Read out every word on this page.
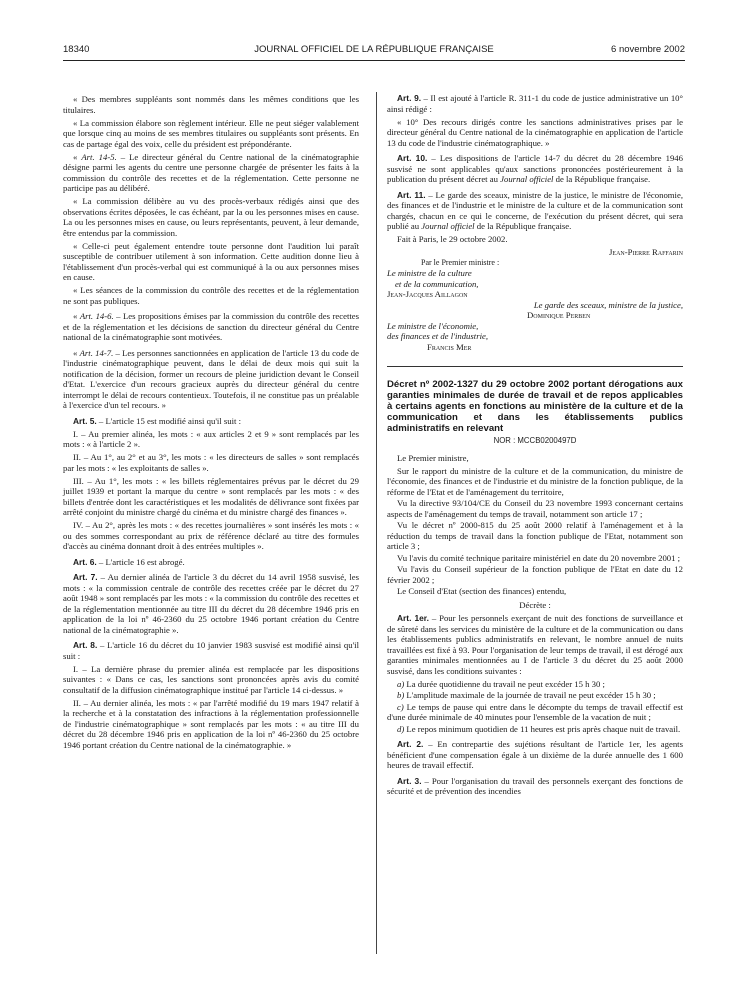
18340	JOURNAL OFFICIEL DE LA RÉPUBLIQUE FRANÇAISE	6 novembre 2002

« Des membres suppléants sont nommés dans les mêmes conditions que les titulaires.

« La commission élabore son règlement intérieur. Elle ne peut siéger valablement que lorsque cinq au moins de ses membres titulaires ou suppléants sont présents. En cas de partage égal des voix, celle du président est prépondérante.

« Art. 14-5. – Le directeur général du Centre national de la cinématographie désigne parmi les agents du centre une personne chargée de présenter les faits à la commission du contrôle des recettes et de la réglementation. Cette personne ne participe pas au délibéré.

« La commission délibère au vu des procès-verbaux rédigés ainsi que des observations écrites déposées, le cas échéant, par la ou les personnes mises en cause. La ou les personnes mises en cause, ou leurs représentants, peuvent, à leur demande, être entendus par la commission.

« Celle-ci peut également entendre toute personne dont l'audition lui paraît susceptible de contribuer utilement à son information. Cette audition donne lieu à l'établissement d'un procès-verbal qui est communiqué à la ou aux personnes mises en cause.

« Les séances de la commission du contrôle des recettes et de la réglementation ne sont pas publiques.

« Art. 14-6. – Les propositions émises par la commission du contrôle des recettes et de la réglementation et les décisions de sanction du directeur général du Centre national de la cinématographie sont motivées.

« Art. 14-7. – Les personnes sanctionnées en application de l'article 13 du code de l'industrie cinématographique peuvent, dans le délai de deux mois qui suit la notification de la décision, former un recours de pleine juridiction devant le Conseil d'Etat. L'exercice d'un recours gracieux auprès du directeur général du centre interrompt le délai de recours contentieux. Toutefois, il ne constitue pas un préalable à l'exercice d'un tel recours. »

Art. 5. – L'article 15 est modifié ainsi qu'il suit :

I. – Au premier alinéa, les mots : « aux articles 2 et 9 » sont remplacés par les mots : « à l'article 2 ».

II. – Au 1°, au 2° et au 3°, les mots : « les directeurs de salles » sont remplacés par les mots : « les exploitants de salles ».

III. – Au 1°, les mots : « les billets réglementaires prévus par le décret du 29 juillet 1939 et portant la marque du centre » sont remplacés par les mots : « des billets d'entrée dont les caractéristiques et les modalités de délivrance sont fixées par arrêté conjoint du ministre chargé du cinéma et du ministre chargé des finances ».

IV. – Au 2°, après les mots : « des recettes journalières » sont insérés les mots : « ou des sommes correspondant au prix de référence déclaré au titre des formules d'accès au cinéma donnant droit à des entrées multiples ».

Art. 6. – L'article 16 est abrogé.

Art. 7. – Au dernier alinéa de l'article 3 du décret du 14 avril 1958 susvisé, les mots : « la commission centrale de contrôle des recettes créée par le décret du 27 août 1948 » sont remplacés par les mots : « la commission du contrôle des recettes et de la réglementation mentionnée au titre III du décret du 28 décembre 1946 pris en application de la loi nº 46-2360 du 25 octobre 1946 portant création du Centre national de la cinématographie ».

Art. 8. – L'article 16 du décret du 10 janvier 1983 susvisé est modifié ainsi qu'il suit :

I. – La dernière phrase du premier alinéa est remplacée par les dispositions suivantes : « Dans ce cas, les sanctions sont prononcées après avis du comité consultatif de la diffusion cinématographique institué par l'article 14 ci-dessus. »

II. – Au dernier alinéa, les mots : « par l'arrêté modifié du 19 mars 1947 relatif à la recherche et à la constatation des infractions à la réglementation professionnelle de l'industrie cinématographique » sont remplacés par les mots : « au titre III du décret du 28 décembre 1946 pris en application de la loi nº 46-2360 du 25 octobre 1946 portant création du Centre national de la cinématographie. »

Art. 9. – Il est ajouté à l'article R. 311-1 du code de justice administrative un 10° ainsi rédigé :

« 10° Des recours dirigés contre les sanctions administratives prises par le directeur général du Centre national de la cinématographie en application de l'article 13 du code de l'industrie cinématographique. »

Art. 10. – Les dispositions de l'article 14-7 du décret du 28 décembre 1946 susvisé ne sont applicables qu'aux sanctions prononcées postérieurement à la publication du présent décret au Journal officiel de la République française.

Art. 11. – Le garde des sceaux, ministre de la justice, le ministre de l'économie, des finances et de l'industrie et le ministre de la culture et de la communication sont chargés, chacun en ce qui le concerne, de l'exécution du présent décret, qui sera publié au Journal officiel de la République française.

Fait à Paris, le 29 octobre 2002.

Jean-Pierre Raffarin

Par le Premier ministre :

Le ministre de la culture

et de la communication,

Jean-Jacques Aillagon

Le garde des sceaux, ministre de la justice,

Dominique Perben

Le ministre de l'économie,

des finances et de l'industrie,

Francis Mer

Décret nº 2002-1327 du 29 octobre 2002 portant dérogations aux garanties minimales de durée de travail et de repos applicables à certains agents en fonctions au ministère de la culture et de la communication et dans les établissements publics administratifs en relevant

NOR : MCCB0200497D

Le Premier ministre,

Sur le rapport du ministre de la culture et de la communication, du ministre de l'économie, des finances et de l'industrie et du ministre de la fonction publique, de la réforme de l'Etat et de l'aménagement du territoire,

Vu la directive 93/104/CE du Conseil du 23 novembre 1993 concernant certains aspects de l'aménagement du temps de travail, notamment son article 17 ;

Vu le décret nº 2000-815 du 25 août 2000 relatif à l'aménagement et à la réduction du temps de travail dans la fonction publique de l'Etat, notamment son article 3 ;

Vu l'avis du comité technique paritaire ministériel en date du 20 novembre 2001 ;

Vu l'avis du Conseil supérieur de la fonction publique de l'Etat en date du 12 février 2002 ;

Le Conseil d'Etat (section des finances) entendu,

Décrète :

Art. 1er. – Pour les personnels exerçant de nuit des fonctions de surveillance et de sûreté dans les services du ministère de la culture et de la communication ou dans les établissements publics administratifs en relevant, le nombre annuel de nuits travaillées est fixé à 93. Pour l'organisation de leur temps de travail, il est dérogé aux garanties minimales mentionnées au I de l'article 3 du décret du 25 août 2000 susvisé, dans les conditions suivantes :

a) La durée quotidienne du travail ne peut excéder 15 h 30 ;

b) L'amplitude maximale de la journée de travail ne peut excéder 15 h 30 ;

c) Le temps de pause qui entre dans le décompte du temps de travail effectif est d'une durée minimale de 40 minutes pour l'ensemble de la vacation de nuit ;

d) Le repos minimum quotidien de 11 heures est pris après chaque nuit de travail.

Art. 2. – En contrepartie des sujétions résultant de l'article 1er, les agents bénéficient d'une compensation égale à un dixième de la durée annuelle des 1 600 heures de travail effectif.

Art. 3. – Pour l'organisation du travail des personnels exerçant des fonctions de sécurité et de prévention des incendies
